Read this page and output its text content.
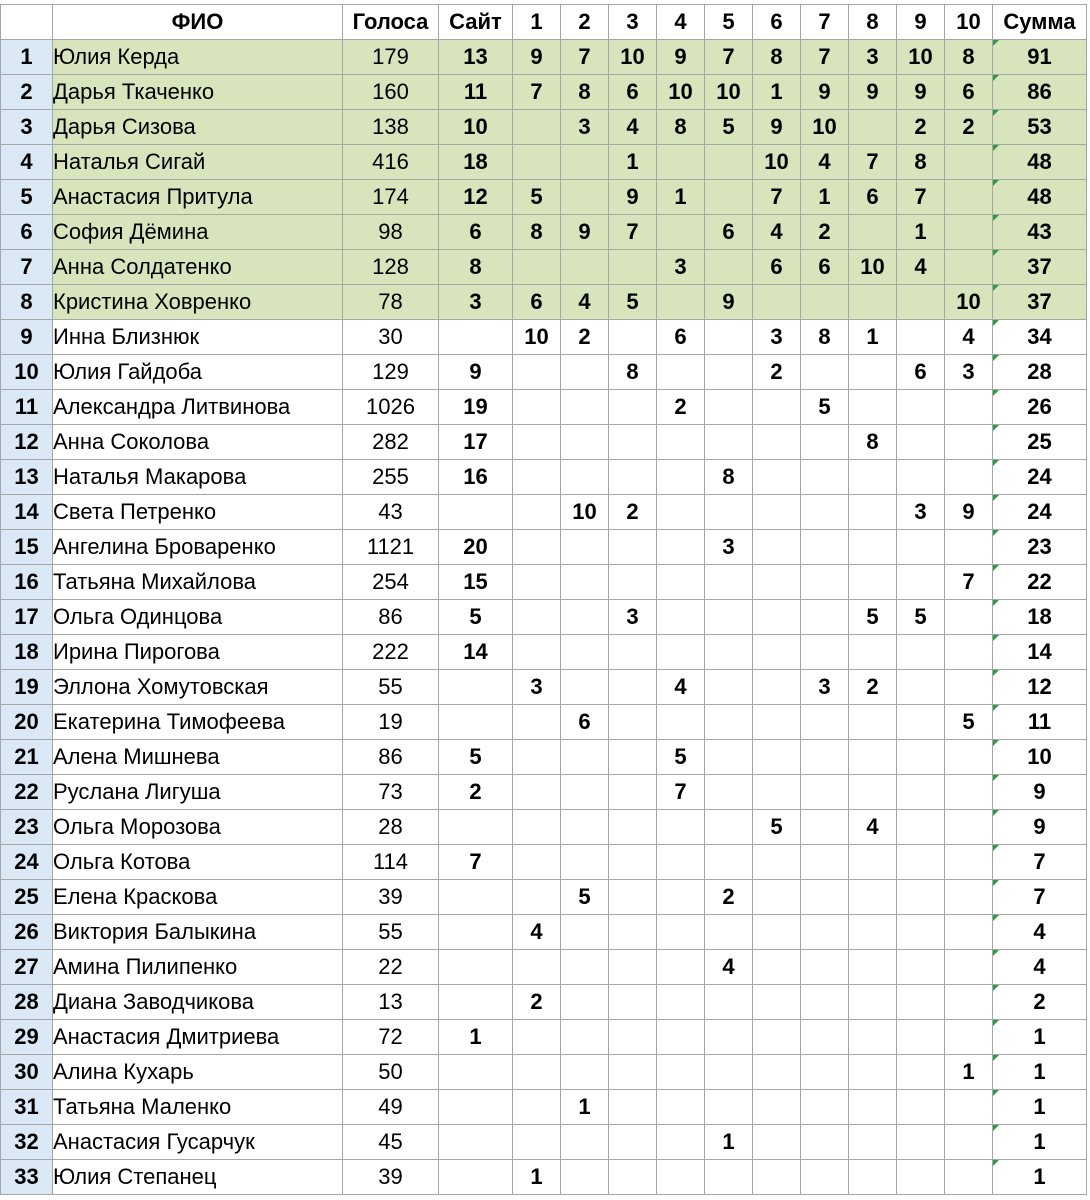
	ФИО	Голоса	Сайт	1	2	3	4	5	6	7	8	9	10	Сумма
1	Юлия Керда	179	13	9	7	10	9	7	8	7	3	10	8	91

2	Дарья Ткаченко	160	11	7	8	6	10	10	1	9	9	9	6	86

3	Дарья Сизова	138	10		3	4	8	5	9	10		2	2	53

4	Наталья Сигай	416	18			1			10	4	7	8		48

5	Анастасия Притула	174	12	5		9	1		7	1	6	7		48

6	София Дёмина	98	6	8	9	7		6	4	2		1		43

7	Анна Солдатенко	128	8				3		6	6	10	4		37

8	Кристина Ховренко	78	3	6	4	5		9					10	37

9	Инна Близнюк	30		10	2		6		3	8	1		4	34

10	Юлия Гайдоба	129	9			8			2			6	3	28

11	Александра Литвинова	1026	19				2			5				26

12	Анна Соколова	282	17								8			25

13	Наталья Макарова	255	16					8						24

14	Света Петренко	43			10	2						3	9	24

15	Ангелина Броваренко	1121	20					3						23

16	Татьяна Михайлова	254	15										7	22

17	Ольга Одинцова	86	5			3					5	5		18

18	Ирина Пирогова	222	14											14

19	Эллона Хомутовская	55		3			4			3	2			12

20	Екатерина Тимофеева	19			6								5	11

21	Алена Мишнева	86	5				5							10

22	Руслана Лигуша	73	2				7							9

23	Ольга Морозова	28							5		4			9

24	Ольга Котова	114	7											7

25	Елена Краскова	39			5			2						7

26	Виктория Балыкина	55		4										4

27	Амина Пилипенко	22						4						4

28	Диана Заводчикова	13		2										2

29	Анастасия Дмитриева	72	1											1

30	Алина Кухарь	50											1	1

31	Татьяна Маленко	49			1									1

32	Анастасия Гусарчук	45						1						1

33	Юлия Степанец	39		1										1
